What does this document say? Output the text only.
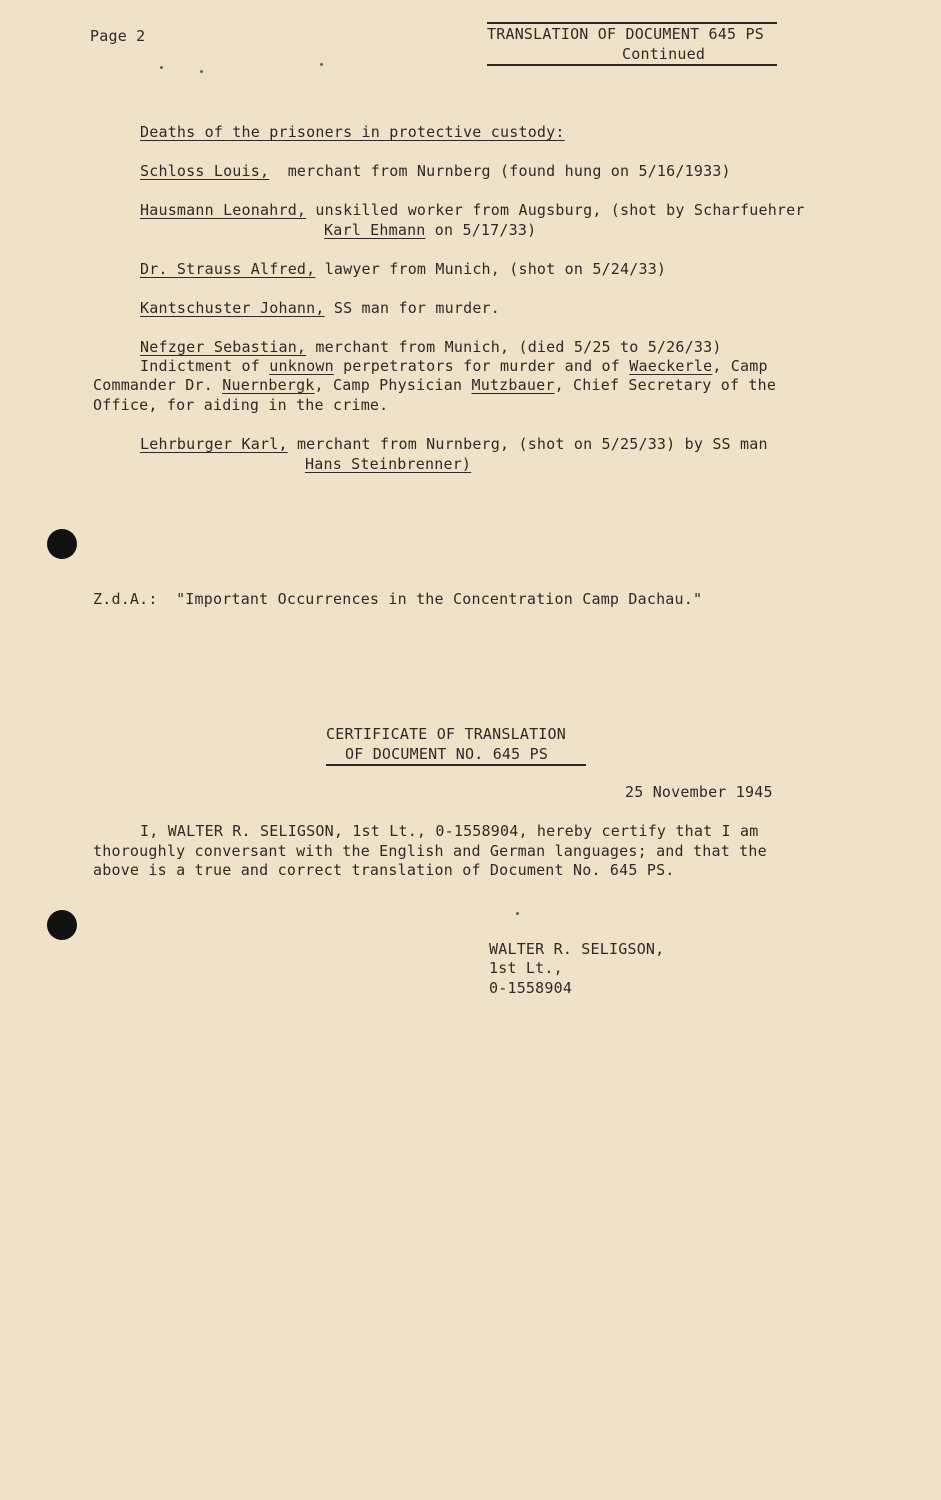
Page 2	TRANSLATION OF DOCUMENT 645 PS
Continued
Deaths of the prisoners in protective custody:
Schloss Louis, merchant from Nurnberg (found hung on 5/16/1933)
Hausmann Leonahrd, unskilled worker from Augsburg, (shot by Scharfuehrer
Karl Ehmann on 5/17/33)
Dr. Strauss Alfred, lawyer from Munich, (shot on 5/24/33)
Kantschuster Johann, SS man for murder.
Nefzger Sebastian, merchant from Munich, (died 5/25 to 5/26/33)
Indictment of unknown perpetrators for murder and of Waeckerle, Camp
Commander Dr. Nuernbergk, Camp Physician Mutzbauer, Chief Secretary of the
Office, for aiding in the crime.
Lehrburger Karl, merchant from Nurnberg, (shot on 5/25/33) by SS man
Hans Steinbrenner)
Z.d.A.:  "Important Occurrences in the Concentration Camp Dachau."
CERTIFICATE OF TRANSLATION
OF DOCUMENT NO. 645 PS
25 November 1945
I, WALTER R. SELIGSON, 1st Lt., 0-1558904, hereby certify that I am
thoroughly conversant with the English and German languages; and that the
above is a true and correct translation of Document No. 645 PS.
WALTER R. SELIGSON,
1st Lt.,
0-1558904
